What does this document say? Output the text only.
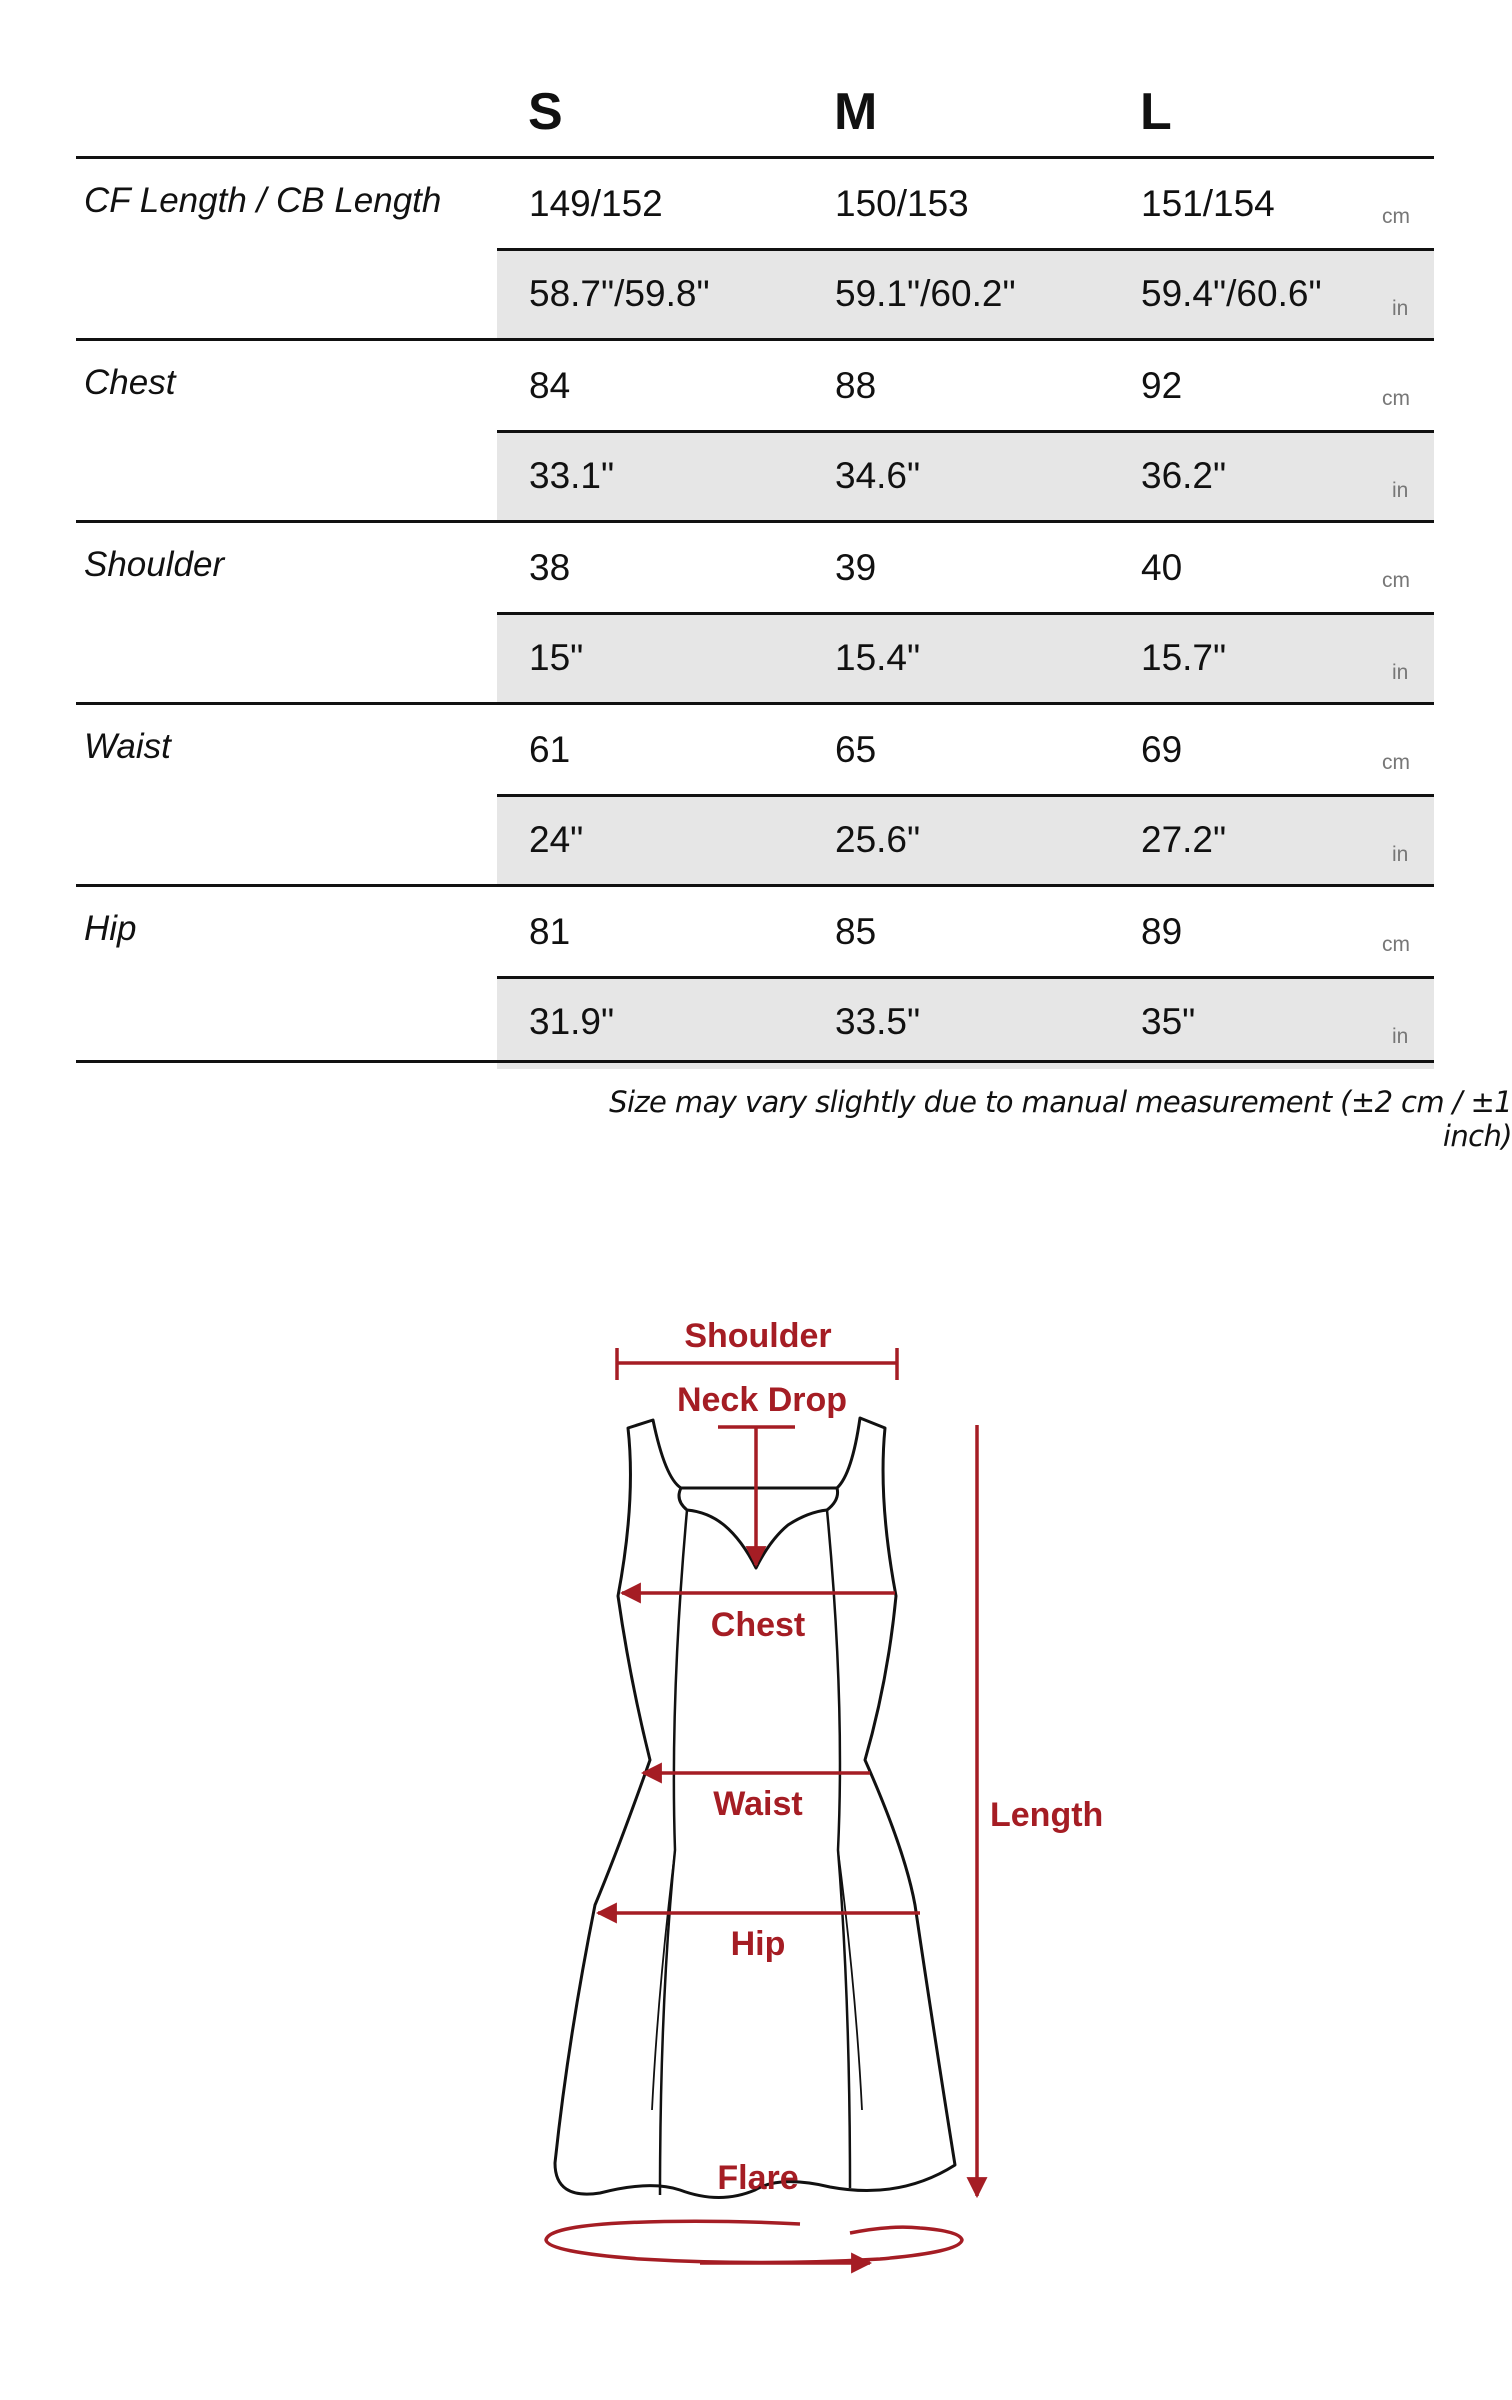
S	M	L
CF Length / CB Length 149/152	150/153	151/154	cm
58.7"/59.8"	59.1"/60.2"	59.4"/60.6"	in
Chest	84	88	92	cm
33.1"	34.6"	36.2"	in
Shoulder	38	39	40	cm
15"	15.4"	15.7"	in
Waist	61	65	69	cm
24"	25.6"	27.2"	in
Hip	81	85	89	cm
31.9"	33.5"	35"	in
Size may vary slightly due to manual measurement (±2 cm / ±1 inch)
Shoulder
Neck Drop
Chest
Waist
Hip
Length
Flare
